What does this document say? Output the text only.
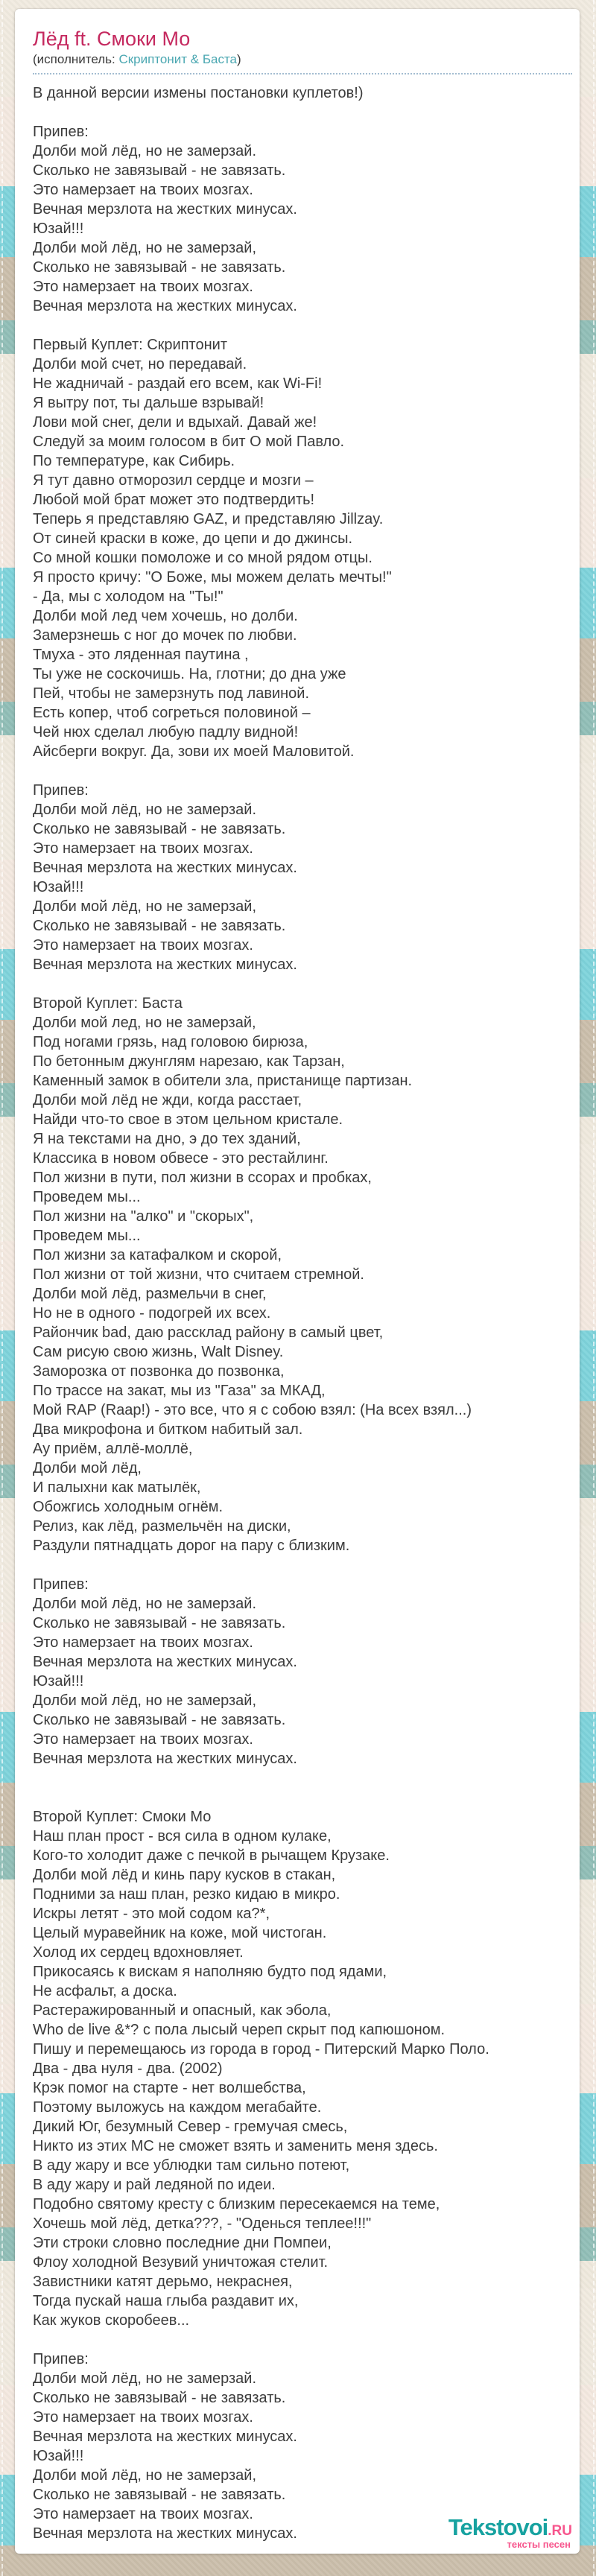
Лёд ft. Смоки Мо
(исполнитель: Скриптонит & Баста)
В данной версии измены постановки куплетов!)

Припев:
Долби мой лёд, но не замерзай.
Сколько не завязывай - не завязать.
Это намерзает на твоих мозгах.
Вечная мерзлота на жестких минусах.
Юзай!!!
Долби мой лёд, но не замерзай,
Сколько не завязывай - не завязать.
Это намерзает на твоих мозгах.
Вечная мерзлота на жестких минусах.

Первый Куплет: Скриптонит
Долби мой счет, но передавай.
Не жадничай - раздай его всем, как Wi-Fi!
Я вытру пот, ты дальше взрывай!
Лови мой снег, дели и вдыхай. Давай же!
Следуй за моим голосом в бит О мой Павло.
По температуре, как Сибирь.
Я тут давно отморозил сердце и мозги –
Любой мой брат может это подтвердить!
Теперь я представляю GAZ, и представляю Jillzay.
От синей краски в коже, до цепи и до джинсы.
Со мной кошки помоложе и со мной рядом отцы.
Я просто кричу: "О Боже, мы можем делать мечты!"
- Да, мы с холодом на "Ты!"
Долби мой лед чем хочешь, но долби.
Замерзнешь с ног до мочек по любви.
Тмуха - это ляденная паутина ,
Ты уже не соскочишь. На, глотни; до дна уже
Пей, чтобы не замерзнуть под лавиной.
Есть копер, чтоб согреться половиной –
Чей нюх сделал любую падлу видной!
Айсберги вокруг. Да, зови их моей Маловитой.

Припев:
Долби мой лёд, но не замерзай.
Сколько не завязывай - не завязать.
Это намерзает на твоих мозгах.
Вечная мерзлота на жестких минусах.
Юзай!!!
Долби мой лёд, но не замерзай,
Сколько не завязывай - не завязать.
Это намерзает на твоих мозгах.
Вечная мерзлота на жестких минусах.

Второй Куплет: Баста
Долби мой лед, но не замерзай,
Под ногами грязь, над головою бирюза,
По бетонным джунглям нарезаю, как Тарзан,
Каменный замок в обители зла, пристанище партизан.
Долби мой лёд не жди, когда расстает,
Найди что-то свое в этом цельном кристале.
Я на текстами на дно, э до тех зданий,
Классика в новом обвесе - это рестайлинг.
Пол жизни в пути, пол жизни в ссорах и пробках,
Проведем мы...
Пол жизни на "алко" и "скорых",
Проведем мы...
Пол жизни за катафалком и скорой,
Пол жизни от той жизни, что считаем стремной.
Долби мой лёд, размельчи в снег,
Но не в одного - подогрей их всех.
Райончик bad, даю рассклад району в самый цвет,
Сам рисую свою жизнь, Walt Disney.
Заморозка от позвонка до позвонка,
По трассе на закат, мы из "Газа" за МКАД,
Мой RAP (Raap!) - это все, что я с собою взял: (На всех взял...)
Два микрофона и битком набитый зал.
Ау приём, аллё-моллё,
Долби мой лёд,
И палыхни как матылёк,
Обожгись холодным огнём.
Релиз, как лёд, размельчён на диски,
Раздули пятнадцать дорог на пару с близким.

Припев:
Долби мой лёд, но не замерзай.
Сколько не завязывай - не завязать.
Это намерзает на твоих мозгах.
Вечная мерзлота на жестких минусах.
Юзай!!!
Долби мой лёд, но не замерзай,
Сколько не завязывай - не завязать.
Это намерзает на твоих мозгах.
Вечная мерзлота на жестких минусах.

Второй Куплет: Смоки Мо
Наш план прост - вся сила в одном кулаке,
Кого-то холодит даже с печкой в рычащем Крузаке.
Долби мой лёд и кинь пару кусков в стакан,
Подними за наш план, резко кидаю в микро.
Искры летят - это мой содом ка?*,
Целый муравейник на коже, мой чистоган.
Холод их сердец вдохновляет.
Прикосаясь к вискам я наполняю будто под ядами,
Не асфальт, а доска.
Растеражированный и опасный, как эбола,
Who de live &*? с пола лысый череп скрыт под капюшоном.
Пишу и перемещаюсь из города в город - Питерский Марко Поло.
Два - два нуля - два. (2002)
Крэк помог на старте - нет волшебства,
Поэтому выложусь на каждом мегабайте.
Дикий Юг, безумный Север - гремучая смесь,
Никто из этих МС не сможет взять и заменить меня здесь.
В аду жару и все ублюдки там сильно потеют,
В аду жару и рай ледяной по идеи.
Подобно святому кресту с близким пересекаемся на теме,
Хочешь мой лёд, детка???, - "Оденься теплее!!!"
Эти строки словно последние дни Помпеи,
Флоу холодной Везувий уничтожая стелит.
Завистники катят дерьмо, некраснея,
Тогда пускай наша глыба раздавит их,
Как жуков скоробеев...

Припев:
Долби мой лёд, но не замерзай.
Сколько не завязывай - не завязать.
Это намерзает на твоих мозгах.
Вечная мерзлота на жестких минусах.
Юзай!!!
Долби мой лёд, но не замерзай,
Сколько не завязывай - не завязать.
Это намерзает на твоих мозгах.
Вечная мерзлота на жестких минусах.	Tekstovoi.RU
тексты песен
